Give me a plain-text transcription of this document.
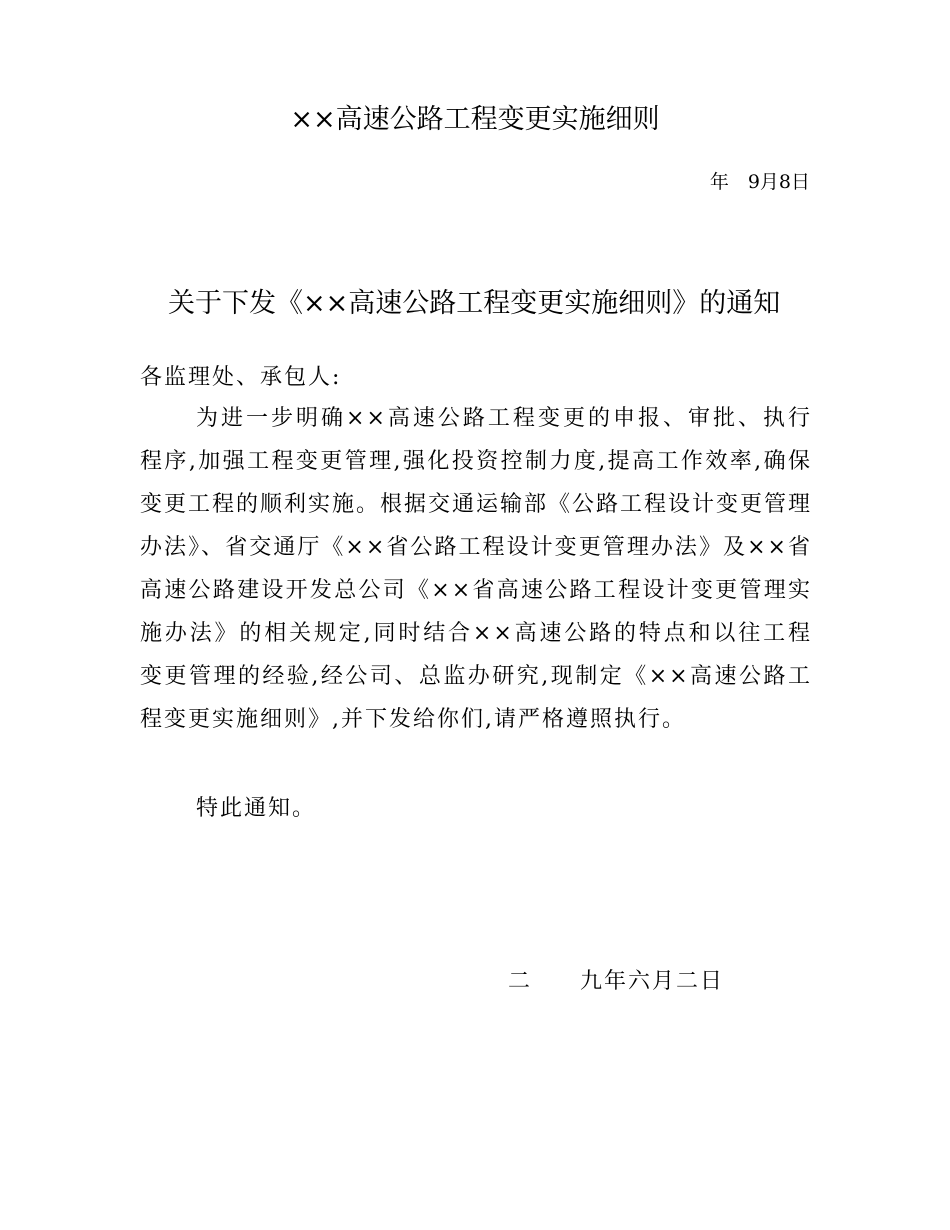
××高速公路工程变更实施细则
年　9月8日
关于下发《××高速公路工程变更实施细则》的通知
各监理处、承包人:
为进一步明确××高速公路工程变更的申报、审批、执行程序,加强工程变更管理,强化投资控制力度,提高工作效率,确保变更工程的顺利实施。根据交通运输部《公路工程设计变更管理办法》、省交通厅《××省公路工程设计变更管理办法》及××省高速公路建设开发总公司《××省高速公路工程设计变更管理实施办法》的相关规定,同时结合××高速公路的特点和以往工程变更管理的经验,经公司、总监办研究,现制定《××高速公路工程变更实施细则》,并下发给你们,请严格遵照执行。
特此通知。
二　　九年六月二日
